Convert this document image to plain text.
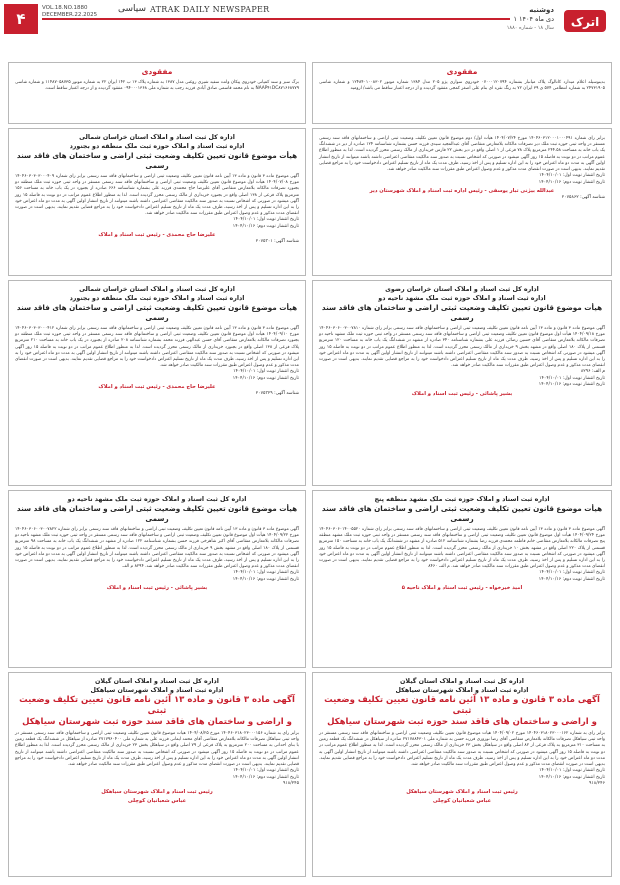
۴
VOL.18.NO.1880
DECEMBER.22.2025
سیاسی ATRAK DAILY NEWSPAPER	دوشنبه
۱ دی ماه ۱۴۰۴
سال ۱۸ - شماره ۱۸۸۰ اترک
مفقودی
برگ سبز و سند کمپانی خودروی پیکان وانت سفید شیری روغنی مدل ۱۳۸۷ به شماره پلاک ۱۳ ب ۱۴۲ ایران ۲۲ به شماره موتور ۱۱۴۸۷۰۵۸۷۳۵ و شماره شاسی NAAP۴۱DC۸۷۱۶۶۸۷۷۹ به نام محمد قاسمی صادق آبادی فرزند رجب به شماره ملی ۰۹۴۰۰۰۱۳۶۸ مفقود گردیده و از درجه اعتبار ساقط است.
مفقودی
بدینوسیله اعلام میدارد کاتالوگ پلاک میانبار بشماره ۰۷۰۰۰۱۲۰۷۹۴ خودروی سواری پژو ۲۰۵ مدل ۱۳۸۴ شماره موتور ۱۲۴۸۴۰۱۰۰۸۳۰۲ و شماره شاسی ۲۴۷۳۱۹۰۵ به شماره انتظامی ۵۷۴ ی ۳۹ ایران ۷۲ به رنگ نقره ای بنام علی اصغر کمجی مفقود گردیده و از درجه اعتبار ساقط می باشد/ ارومیه
اداره کل ثبت اسناد و املاک استان خراسان شمالی
اداره ثبت اسناد و املاک حوزه ثبت ملک منطقه دو بجنورد
هیأت موضوع قانون تعیین تکلیف وضعیت ثبتی اراضی و ساختمان های فاقد سند رسمی
آگهی موضوع ماده ۳ قانون و ماده ۱۳ آیین نامه قانون تعیین تکلیف وضعیت ثبتی اراضی و ساختمانهای فاقد سند رسمی برابر رای شماره ۱۴۰۴۶۰۳۰۳۰۳۰۰۰۴۰۹ مورخ ۱۴۰۴/۰۷/۰۸ هیأت اول موضوع قانون تعیین تکلیف وضعیت ثبتی اراضی و ساختمانهای فاقد سند رسمی مستقر در واحد ثبتی حوزه ثبت ملک منطقه دو بجنورد تصرفات مالکانه بلامعارض متقاضی آقای علیرضا حاج محمدی فرزند علی بشماره شناسنامه ۶۶۶ صادره از بجنورد در یک باب خانه به مساحت ۱۵۶ مترمربع پلاک فرعی از ۱۳۸ اصلی واقع در بجنورد خریداری از مالک رسمی محرز گردیده است. لذا به منظور اطلاع عموم مراتب در دو نوبت به فاصله ۱۵ روز آگهی میشود در صورتی که اشخاص نسبت به صدور سند مالکیت متقاضی اعتراضی داشته باشند میتوانند از تاریخ انتشار اولین آگهی به مدت دو ماه اعتراض خود را به این اداره تسلیم و پس از اخذ رسید، ظرف مدت یک ماه از تاریخ تسلیم اعتراض دادخواست خود را به مراجع قضایی تقدیم نمایند. بدیهی است در صورت انقضای مدت مذکور و عدم وصول اعتراض طبق مقررات سند مالکیت صادر خواهد شد.
تاریخ انتشار نوبت اول: ۱۴۰۴/۱۰/۰۱
تاریخ انتشار نوبت دوم: ۱۴۰۴/۱۰/۱۶
علیرضا حاج محمدی - رئیس ثبت اسناد و املاک
شناسه آگهی: ۲۰۷۵۳۰۱
اداره کل ثبت اسناد و املاک استان خراسان شمالی
اداره ثبت اسناد و املاک حوزه ثبت ملک منطقه دو بجنورد
هیأت موضوع قانون تعیین تکلیف وضعیت ثبتی اراضی و ساختمان های فاقد سند رسمی
آگهی موضوع ماده ۳ قانون و ماده ۱۳ آیین نامه قانون تعیین تکلیف وضعیت ثبتی اراضی و ساختمانهای فاقد سند رسمی برابر رای شماره ۱۴۰۴۶۰۳۰۳۰۳۰۰۰۴۱۲ مورخ ۱۴۰۴/۰۹/۱۰ هیأت اول موضوع قانون تعیین تکلیف وضعیت ثبتی اراضی و ساختمانهای فاقد سند رسمی مستقر در واحد ثبتی حوزه ثبت ملک منطقه دو بجنورد تصرفات مالکانه بلامعارض متقاضی آقای حسن عبدالهی فرزند محمد بشماره شناسنامه ۲۰۸ صادره از بجنورد در یک باب خانه به مساحت ۲۱۰ مترمربع پلاک فرعی از ۱۳۸ اصلی واقع در بجنورد خریداری از مالک رسمی محرز گردیده است. لذا به منظور اطلاع عموم مراتب در دو نوبت به فاصله ۱۵ روز آگهی میشود در صورتی که اشخاص نسبت به صدور سند مالکیت متقاضی اعتراضی داشته باشند میتوانند از تاریخ انتشار اولین آگهی به مدت دو ماه اعتراض خود را به این اداره تسلیم و پس از اخذ رسید، ظرف مدت یک ماه از تاریخ تسلیم اعتراض دادخواست خود را به مراجع قضایی تقدیم نمایند. بدیهی است در صورت انقضای مدت مذکور و عدم وصول اعتراض طبق مقررات سند مالکیت صادر خواهد شد.
تاریخ انتشار نوبت اول: ۱۴۰۴/۱۰/۰۱
تاریخ انتشار نوبت دوم: ۱۴۰۴/۱۰/۱۶
علیرضا حاج محمدی - رئیس ثبت اسناد و املاک
شناسه آگهی: ۲۰۷۵۳۲۹
اداره کل ثبت اسناد و املاک حوزه ثبت ملک مشهد ناحیه دو
هیأت موضوع قانون تعیین تکلیف وضعیت ثبتی اراضی و ساختمان های فاقد سند رسمی
آگهی موضوع ماده ۳ قانون و ماده ۱۳ آیین نامه قانون تعیین تکلیف وضعیت ثبتی اراضی و ساختمانهای فاقد سند رسمی برابر رای شماره ۱۴۰۴۶۰۳۰۶۰۰۳۰۰۷۸۲۲ مورخ ۱۴۰۴/۰۹/۲۲ هیأت اول موضوع قانون تعیین تکلیف وضعیت ثبتی اراضی و ساختمانهای فاقد سند رسمی مستقر در واحد ثبتی حوزه ثبت ملک مشهد ناحیه دو تصرفات مالکانه بلامعارض متقاضی آقای اکبر شاهرخی فرزند حسن بشماره شناسنامه ۱۲۲ صادره از مشهد در ششدانگ یک باب خانه به مساحت ۹۸ مترمربع قسمتی از پلاک ۱۸۰ اصلی واقع در مشهد بخش ۹ خریداری از مالک رسمی محرز گردیده است. لذا به منظور اطلاع عموم مراتب در دو نوبت به فاصله ۱۵ روز آگهی میشود در صورتی که اشخاص نسبت به صدور سند مالکیت متقاضی اعتراضی داشته باشند میتوانند از تاریخ انتشار اولین آگهی به مدت دو ماه اعتراض خود را به این اداره تسلیم و پس از اخذ رسید، ظرف مدت یک ماه از تاریخ تسلیم اعتراض دادخواست خود را به مراجع قضایی تقدیم نمایند. بدیهی است در صورت انقضای مدت مذکور و عدم وصول اعتراض طبق مقررات سند مالکیت صادر خواهد شد. ۸۲۹۴ م الف
تاریخ انتشار نوبت اول: ۱۴۰۴/۱۰/۰۱
تاریخ انتشار نوبت دوم: ۱۴۰۴/۱۰/۱۶
بشیر پاشائی - رئیس ثبت اسناد و املاک
اداره کل ثبت اسناد و املاک استان گیلان
اداره ثبت اسناد و املاک شهرستان سیاهکل
آگهی ماده ۳ قانون و ماده ۱۳ آئین نامه قانون تعیین تکلیف وضعیت ثبتی
و اراضی و ساختمان های فاقد سند حوزه ثبت شهرستان سیاهکل
برابر رای به شماره ۱۴۰۴۶۰۳۱۸۰۲۳۰۰۰۱۵۶ مورخ ۱۴۰۴/۰۸/۲۵ هیات موضوع قانون تعیین تکلیف وضعیت ثبتی اراضی و ساختمانهای فاقد سند رسمی مستقر در واحد ثبتی سیاهکل تصرفات مالکانه بلامعارض متقاضی آقای محمد ایمانی فرزند علی به شماره ملی ۲۷۱۷۹۶۰۴۰۰ صادره از سیاهکل در ششدانگ یک قطعه زمین با بنای احداثی به مساحت ۲۰۰ مترمربع به پلاک فرعی از ۷۹ اصلی واقع در سیاهکل بخش ۲۳ خریداری از مالک رسمی محرز گردیده است. لذا به منظور اطلاع عموم مراتب در دو نوبت به فاصله ۱۵ روز آگهی میشود در صورتی که اشخاص نسبت به صدور سند مالکیت متقاضی اعتراضی داشته باشند میتوانند از تاریخ انتشار اولین آگهی به مدت دو ماه اعتراض خود را به این اداره تسلیم و پس از اخذ رسید، ظرف مدت یک ماه از تاریخ تسلیم اعتراض دادخواست خود را به مراجع قضایی تقدیم نمایند. بدیهی است در صورت انقضای مدت مذکور و عدم وصول اعتراض طبق مقررات سند مالکیت صادر خواهد شد.
تاریخ انتشار نوبت اول: ۱۴۰۴/۱۰/۰۱
تاریخ انتشار نوبت دوم: ۱۴۰۴/۱۰/۱۶
۹۱۸/۲۴۵
رئیس ثبت اسناد و املاک شهرستان سیاهکل
عباس شعبانیان کوچلی
برابر رای شماره ۱۴۰۴۶۰۳۱۲۰۰۰۱۰۰۰۴۹۱ مورخ ۱۴۰۴/۰۷/۲۴ هیأت اول/ دوم موضوع قانون تعیین تکلیف وضعیت ثبتی اراضی و ساختمانهای فاقد سند رسمی مستقر در واحد ثبتی حوزه ثبت ملک دیر تصرفات مالکانه بلامعارض متقاضی آقای عبدالمجید سیدی فرزند حسن بشماره شناسنامه ۱۲۴ صادره از دیر در ششدانگ یک باب خانه به مساحت ۲۴۴.۵۸ مترمربع پلاک ۷۸ فرعی از ۱ اصلی واقع در دیر بخش ۲۲ فارس خریداری از مالک رسمی محرز گردیده است. لذا به منظور اطلاع عموم مراتب در دو نوبت به فاصله ۱۵ روز آگهی میشود در صورتی که اشخاص نسبت به صدور سند مالکیت متقاضی اعتراضی داشته باشند میتوانند از تاریخ انتشار اولین آگهی به مدت دو ماه اعتراض خود را به این اداره تسلیم و پس از اخذ رسید، ظرف مدت یک ماه از تاریخ تسلیم اعتراض دادخواست خود را به مراجع قضایی تقدیم نمایند. بدیهی است در صورت انقضای مدت مذکور و عدم وصول اعتراض طبق مقررات سند مالکیت صادر خواهد شد.
تاریخ انتشار نوبت اول: ۱۴۰۴/۱۰/۰۱
تاریخ انتشار نوبت دوم: ۱۴۰۴/۱۰/۱۶
عبدالله بیژنی تبار یوسفی - رئیس اداره ثبت اسناد و املاک شهرستان دیر
شناسه آگهی: ۲۰۷۵۸۶۲
اداره کل ثبت اسناد و املاک استان خراسان رضوی
اداره ثبت اسناد و املاک حوزه ثبت ملک مشهد ناحیه دو
هیأت موضوع قانون تعیین تکلیف وضعیت ثبتی اراضی و ساختمان های فاقد سند رسمی
آگهی موضوع ماده ۳ قانون و ماده ۱۳ آیین نامه قانون تعیین تکلیف وضعیت ثبتی اراضی و ساختمانهای فاقد سند رسمی برابر رای شماره ۱۴۰۴۶۰۳۰۶۰۰۳۰۰۷۸۱۰ مورخ ۱۴۰۴/۰۹/۱۸ هیأت اول موضوع قانون تعیین تکلیف وضعیت ثبتی اراضی و ساختمانهای فاقد سند رسمی مستقر در واحد ثبتی حوزه ثبت ملک مشهد ناحیه دو تصرفات مالکانه بلامعارض متقاضی آقای حسین رضائی فرزند علی بشماره شناسنامه ۳۴۰ صادره از مشهد در ششدانگ یک باب خانه به مساحت ۱۲۰ مترمربع قسمتی از پلاک ۱۸۰ اصلی واقع در مشهد بخش ۹ خریداری از مالک رسمی محرز گردیده است. لذا به منظور اطلاع عموم مراتب در دو نوبت به فاصله ۱۵ روز آگهی میشود در صورتی که اشخاص نسبت به صدور سند مالکیت متقاضی اعتراضی داشته باشند میتوانند از تاریخ انتشار اولین آگهی به مدت دو ماه اعتراض خود را به این اداره تسلیم و پس از اخذ رسید، ظرف مدت یک ماه از تاریخ تسلیم اعتراض دادخواست خود را به مراجع قضایی تقدیم نمایند. بدیهی است در صورت انقضای مدت مذکور و عدم وصول اعتراض طبق مقررات سند مالکیت صادر خواهد شد.
م الف: ۸۲۹۶
تاریخ انتشار نوبت اول: ۱۴۰۴/۱۰/۰۱
تاریخ انتشار نوبت دوم: ۱۴۰۴/۱۰/۱۶
بشیر پاشائی - رئیس ثبت اسناد و املاک
اداره ثبت اسناد و املاک حوزه ثبت ملک مشهد منطقه پنج
هیأت موضوع قانون تعیین تکلیف وضعیت ثبتی اراضی و ساختمان های فاقد سند رسمی
آگهی موضوع ماده ۳ قانون و ماده ۱۳ آیین نامه قانون تعیین تکلیف وضعیت ثبتی اراضی و ساختمانهای فاقد سند رسمی برابر رای شماره ۱۴۰۴۶۰۳۰۶۰۱۴۰۰۵۵۲۰ مورخ ۱۴۰۴/۰۹/۲۴ هیأت اول موضوع قانون تعیین تکلیف وضعیت ثبتی اراضی و ساختمانهای فاقد سند رسمی مستقر در واحد ثبتی حوزه ثبت ملک مشهد منطقه پنج تصرفات مالکانه بلامعارض متقاضی خانم فاطمه محمدی فرزند رضا بشماره شناسنامه ۵۱۲ صادره از مشهد در ششدانگ یک باب خانه به مساحت ۱۵۰ مترمربع قسمتی از پلاک ۲۲۰ اصلی واقع در مشهد بخش ۱۰ خریداری از مالک رسمی محرز گردیده است. لذا به منظور اطلاع عموم مراتب در دو نوبت به فاصله ۱۵ روز آگهی میشود در صورتی که اشخاص نسبت به صدور سند مالکیت متقاضی اعتراضی داشته باشند میتوانند از تاریخ انتشار اولین آگهی به مدت دو ماه اعتراض خود را به این اداره تسلیم و پس از اخذ رسید، ظرف مدت یک ماه از تاریخ تسلیم اعتراض دادخواست خود را به مراجع قضایی تقدیم نمایند. بدیهی است در صورت انقضای مدت مذکور و عدم وصول اعتراض طبق مقررات سند مالکیت صادر خواهد شد. م الف ۸۴۶۰
تاریخ انتشار نوبت اول: ۱۴۰۴/۱۰/۰۱
تاریخ انتشار نوبت دوم: ۱۴۰۴/۱۰/۱۶
امید خیرخواه - رئیس ثبت اسناد و املاک ناحیه ۵
اداره کل ثبت اسناد و املاک استان گیلان
اداره ثبت اسناد و املاک شهرستان سیاهکل
آگهی ماده ۳ قانون و ماده ۱۳ آئین نامه قانون تعیین تکلیف وضعیت ثبتی
و اراضی و ساختمان های فاقد سند حوزه ثبت شهرستان سیاهکل
برابر رای به شماره ۱۴۰۴۶۰۳۱۸۰۲۳۰۰۰۱۶۲ مورخ ۱۴۰۴/۰۹/۰۲ هیات موضوع قانون تعیین تکلیف وضعیت ثبتی اراضی و ساختمانهای فاقد سند رسمی مستقر در واحد ثبتی سیاهکل تصرفات مالکانه بلامعارض متقاضی آقای رضا نوروزی فرزند حسن به شماره ملی ۲۷۱۷۸۸۴۳۰۱ صادره از سیاهکل در ششدانگ یک قطعه زمین به مساحت ۳۱۰ مترمربع به پلاک فرعی از ۸۲ اصلی واقع در سیاهکل بخش ۲۳ خریداری از مالک رسمی محرز گردیده است. لذا به منظور اطلاع عموم مراتب در دو نوبت به فاصله ۱۵ روز آگهی میشود در صورتی که اشخاص نسبت به صدور سند مالکیت متقاضی اعتراضی داشته باشند میتوانند از تاریخ انتشار اولین آگهی به مدت دو ماه اعتراض خود را به این اداره تسلیم و پس از اخذ رسید، ظرف مدت یک ماه از تاریخ تسلیم اعتراض دادخواست خود را به مراجع قضایی تقدیم نمایند. بدیهی است در صورت انقضای مدت مذکور و عدم وصول اعتراض طبق مقررات سند مالکیت صادر خواهد شد.
تاریخ انتشار نوبت اول: ۱۴۰۴/۱۰/۰۱
تاریخ انتشار نوبت دوم: ۱۴۰۴/۱۰/۱۶
۹۱۸/۲۴۶
رئیس ثبت اسناد و املاک شهرستان سیاهکل
عباس شعبانیان کوچلی
